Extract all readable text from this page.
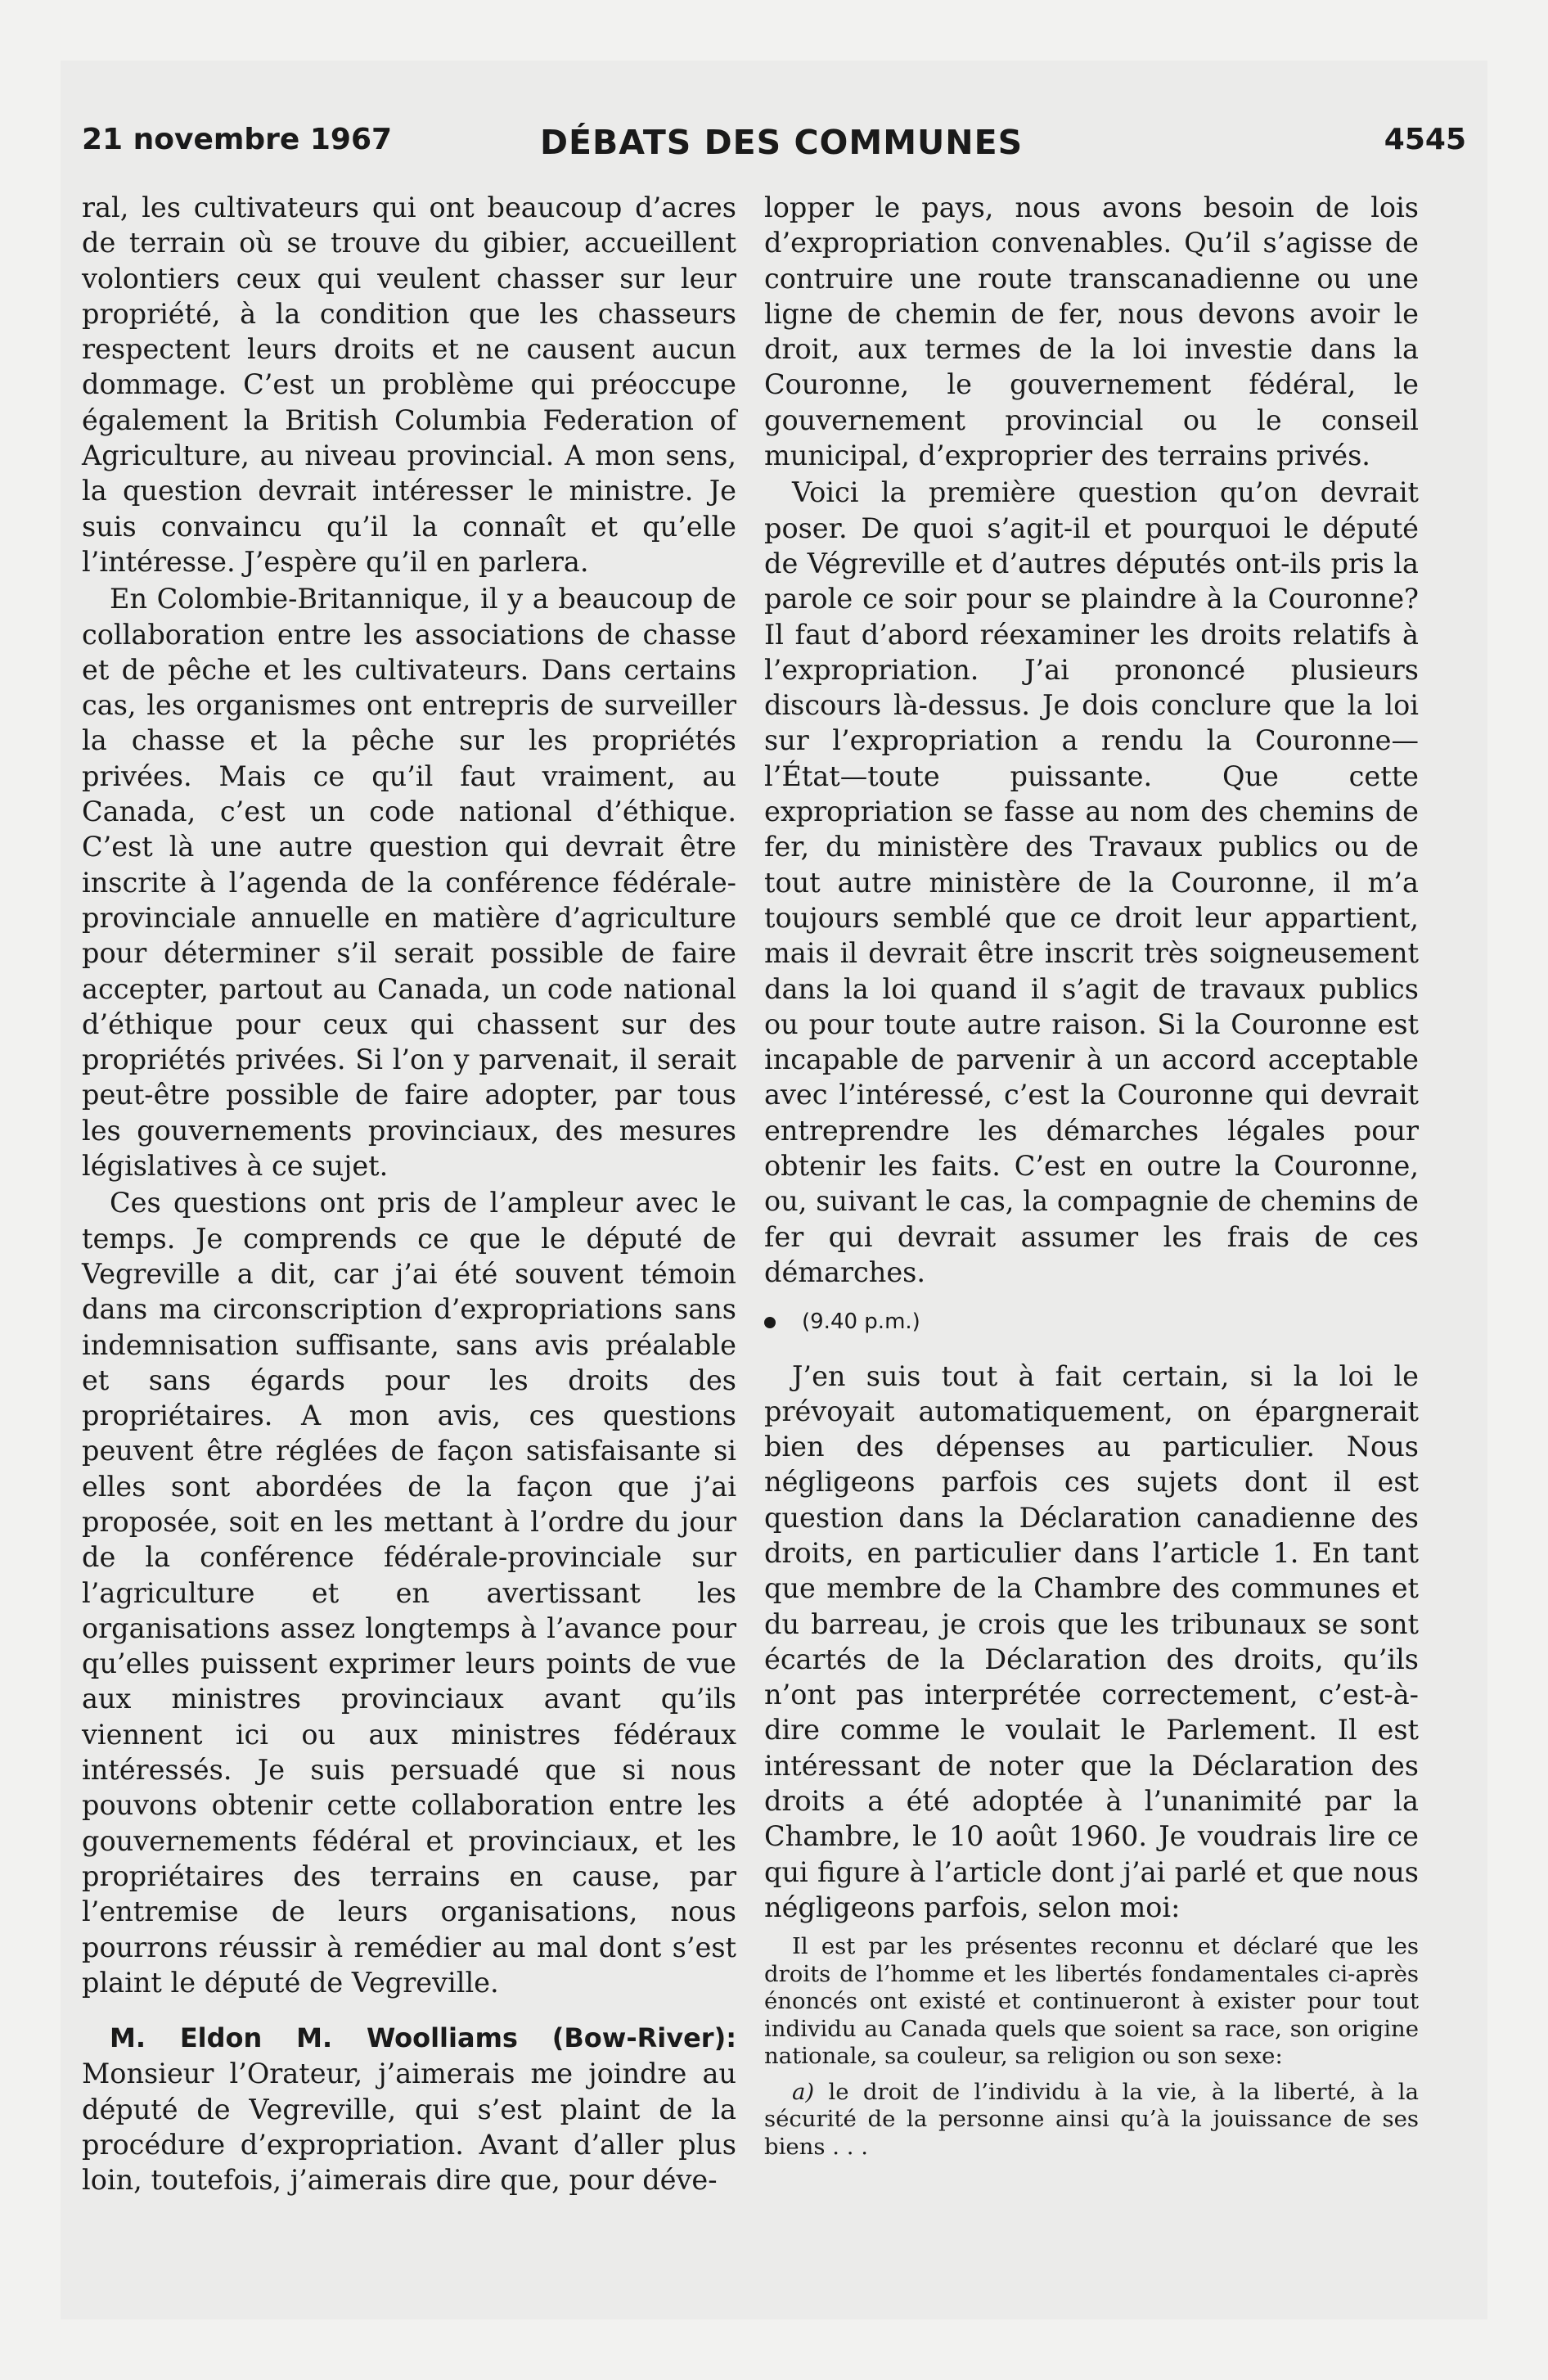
21 novembre 1967	DÉBATS DES COMMUNES	4545

ral, les cultivateurs qui ont beaucoup d’acres de terrain où se trouve du gibier, accueillent volontiers ceux qui veulent chasser sur leur propriété, à la condition que les chasseurs respectent leurs droits et ne causent aucun dommage. C’est un problème qui préoccupe également la British Columbia Federation of Agriculture, au niveau provincial. A mon sens, la question devrait intéresser le ministre. Je suis convaincu qu’il la connaît et qu’elle l’intéresse. J’espère qu’il en parlera.

En Colombie-Britannique, il y a beaucoup de collaboration entre les associations de chasse et de pêche et les cultivateurs. Dans certains cas, les organismes ont entrepris de surveiller la chasse et la pêche sur les propriétés privées. Mais ce qu’il faut vraiment, au Canada, c’est un code national d’éthique. C’est là une autre question qui devrait être inscrite à l’agenda de la conférence fédérale-provinciale annuelle en matière d’agriculture pour déterminer s’il serait possible de faire accepter, partout au Canada, un code national d’éthique pour ceux qui chassent sur des propriétés privées. Si l’on y parvenait, il serait peut-être possible de faire adopter, par tous les gouvernements provinciaux, des mesures législatives à ce sujet.

Ces questions ont pris de l’ampleur avec le temps. Je comprends ce que le député de Vegreville a dit, car j’ai été souvent témoin dans ma circonscription d’expropriations sans indemnisation suffisante, sans avis préalable et sans égards pour les droits des propriétaires. A mon avis, ces questions peuvent être réglées de façon satisfaisante si elles sont abordées de la façon que j’ai proposée, soit en les mettant à l’ordre du jour de la conférence fédérale-provinciale sur l’agriculture et en avertissant les organisations assez longtemps à l’avance pour qu’elles puissent exprimer leurs points de vue aux ministres provinciaux avant qu’ils viennent ici ou aux ministres fédéraux intéressés. Je suis persuadé que si nous pouvons obtenir cette collaboration entre les gouvernements fédéral et provinciaux, et les propriétaires des terrains en cause, par l’entremise de leurs organisations, nous pourrons réussir à remédier au mal dont s’est plaint le député de Vegreville.

M. Eldon M. Woolliams (Bow-River): Monsieur l’Orateur, j’aimerais me joindre au député de Vegreville, qui s’est plaint de la procédure d’expropriation. Avant d’aller plus loin, toutefois, j’aimerais dire que, pour déve-

lopper le pays, nous avons besoin de lois d’expropriation convenables. Qu’il s’agisse de contruire une route transcanadienne ou une ligne de chemin de fer, nous devons avoir le droit, aux termes de la loi investie dans la Couronne, le gouvernement fédéral, le gouvernement provincial ou le conseil municipal, d’exproprier des terrains privés.

Voici la première question qu’on devrait poser. De quoi s’agit-il et pourquoi le député de Végreville et d’autres députés ont-ils pris la parole ce soir pour se plaindre à la Couronne? Il faut d’abord réexaminer les droits relatifs à l’expropriation. J’ai prononcé plusieurs discours là-dessus. Je dois conclure que la loi sur l’expropriation a rendu la Couronne—l’État—toute puissante. Que cette expropriation se fasse au nom des chemins de fer, du ministère des Travaux publics ou de tout autre ministère de la Couronne, il m’a toujours semblé que ce droit leur appartient, mais il devrait être inscrit très soigneusement dans la loi quand il s’agit de travaux publics ou pour toute autre raison. Si la Couronne est incapable de parvenir à un accord acceptable avec l’intéressé, c’est la Couronne qui devrait entreprendre les démarches légales pour obtenir les faits. C’est en outre la Couronne, ou, suivant le cas, la compagnie de chemins de fer qui devrait assumer les frais de ces démarches.

(9.40 p.m.)

J’en suis tout à fait certain, si la loi le prévoyait automatiquement, on épargnerait bien des dépenses au particulier. Nous négligeons parfois ces sujets dont il est question dans la Déclaration canadienne des droits, en particulier dans l’article 1. En tant que membre de la Chambre des communes et du barreau, je crois que les tribunaux se sont écartés de la Déclaration des droits, qu’ils n’ont pas interprétée correctement, c’est-à-dire comme le voulait le Parlement. Il est intéressant de noter que la Déclaration des droits a été adoptée à l’unanimité par la Chambre, le 10 août 1960. Je voudrais lire ce qui figure à l’article dont j’ai parlé et que nous négligeons parfois, selon moi:

Il est par les présentes reconnu et déclaré que les droits de l’homme et les libertés fondamentales ci-après énoncés ont existé et continueront à exister pour tout individu au Canada quels que soient sa race, son origine nationale, sa couleur, sa religion ou son sexe:

a) le droit de l’individu à la vie, à la liberté, à la sécurité de la personne ainsi qu’à la jouissance de ses biens . . .
